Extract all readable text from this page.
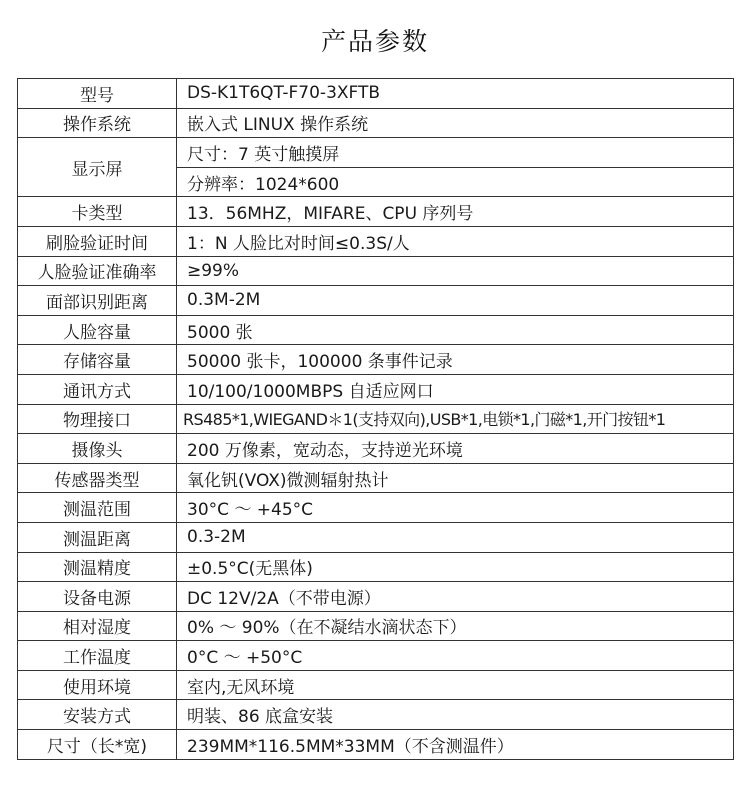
产品参数
型号	DS-K1T6QT-F70-3XFTB
操作系统	嵌入式 LINUX 操作系统
显示屏	尺寸：7 英寸触摸屏
	分辨率：1024*600
卡类型	13．56MHZ，MIFARE、CPU 序列号
刷脸验证时间	1：N 人脸比对时间≤0.3S/人
人脸验证准确率	≥99%
面部识别距离	0.3M-2M
人脸容量	5000 张
存储容量	50000 张卡，100000 条事件记录
通讯方式	10/100/1000MBPS 自适应网口
物理接口	RS485*1,WIEGAND＊1(支持双向),USB*1,电锁*1,门磁*1,开门按钮*1
摄像头	200 万像素，宽动态，支持逆光环境
传感器类型	氧化钒(VOX)微测辐射热计
测温范围	30°C ～ +45°C
测温距离	0.3-2M
测温精度	±0.5°C(无黑体)
设备电源	DC 12V/2A（不带电源）
相对湿度	0% ～ 90%（在不凝结水滴状态下）
工作温度	0°C ～ +50°C
使用环境	室内,无风环境
安装方式	明装、86 底盒安装
尺寸（长*宽)	239MM*116.5MM*33MM（不含测温件）
